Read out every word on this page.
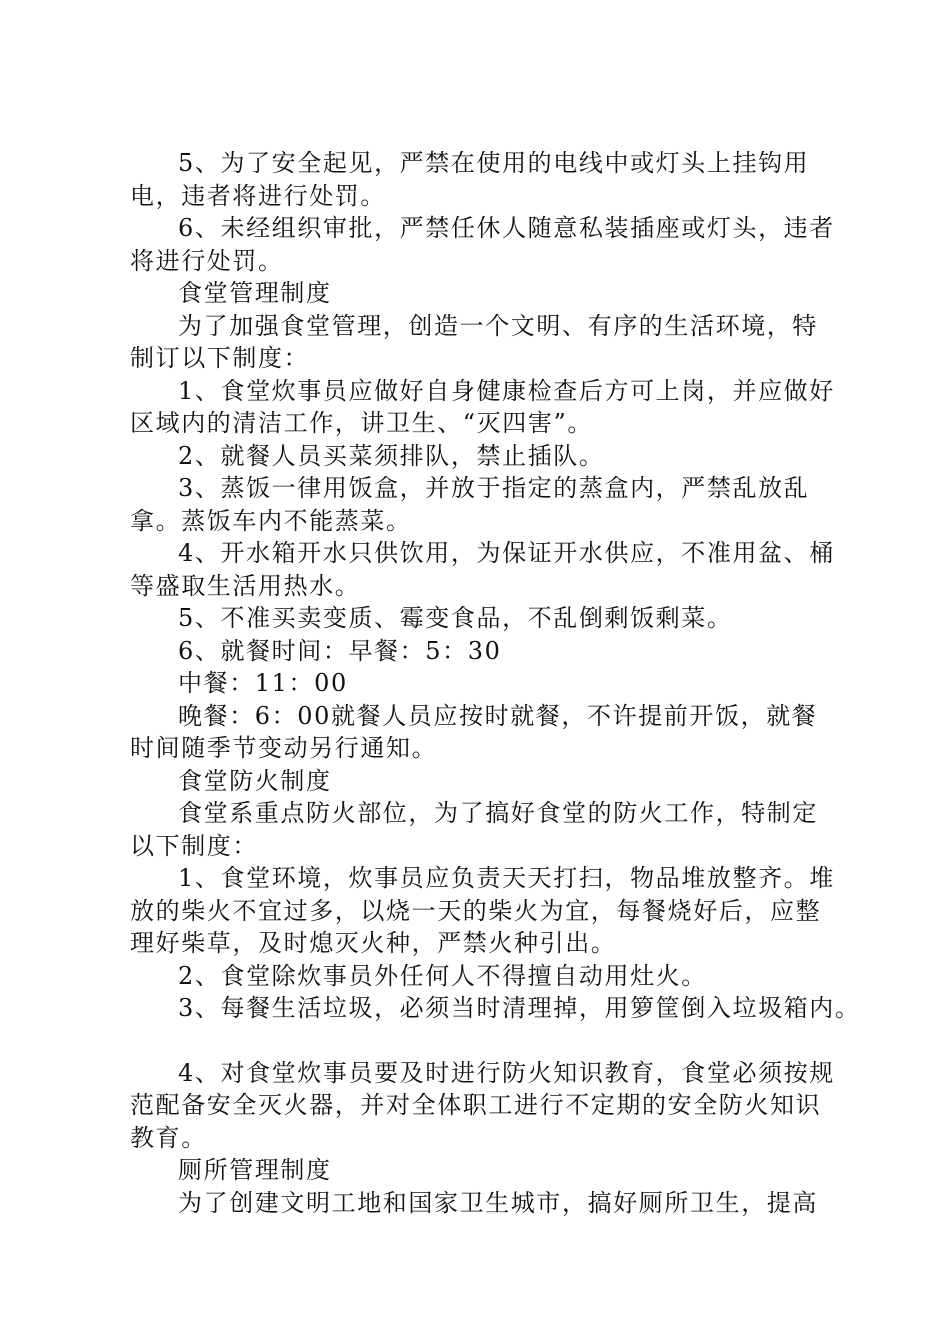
5、为了安全起见，严禁在使用的电线中或灯头上挂钩用电，违者将进行处罚。

6、未经组织审批，严禁任休人随意私装插座或灯头，违者将进行处罚。

食堂管理制度

为了加强食堂管理，创造一个文明、有序的生活环境，特制订以下制度：

1、食堂炊事员应做好自身健康检查后方可上岗，并应做好区域内的清洁工作，讲卫生、“灭四害”。

2、就餐人员买菜须排队，禁止插队。

3、蒸饭一律用饭盒，并放于指定的蒸盒内，严禁乱放乱拿。蒸饭车内不能蒸菜。

4、开水箱开水只供饮用，为保证开水供应，不准用盆、桶等盛取生活用热水。

5、不准买卖变质、霉变食品，不乱倒剩饭剩菜。

6、就餐时间：早餐：5：30

中餐：11：00

晚餐：6：00就餐人员应按时就餐，不许提前开饭，就餐时间随季节变动另行通知。

食堂防火制度

食堂系重点防火部位，为了搞好食堂的防火工作，特制定以下制度：

1、食堂环境，炊事员应负责天天打扫，物品堆放整齐。堆放的柴火不宜过多，以烧一天的柴火为宜，每餐烧好后，应整理好柴草，及时熄灭火种，严禁火种引出。

2、食堂除炊事员外任何人不得擅自动用灶火。

3、每餐生活垃圾，必须当时清理掉，用箩筐倒入垃圾箱内。

4、对食堂炊事员要及时进行防火知识教育，食堂必须按规范配备安全灭火器，并对全体职工进行不定期的安全防火知识教育。

厕所管理制度

为了创建文明工地和国家卫生城市，搞好厕所卫生，提高
